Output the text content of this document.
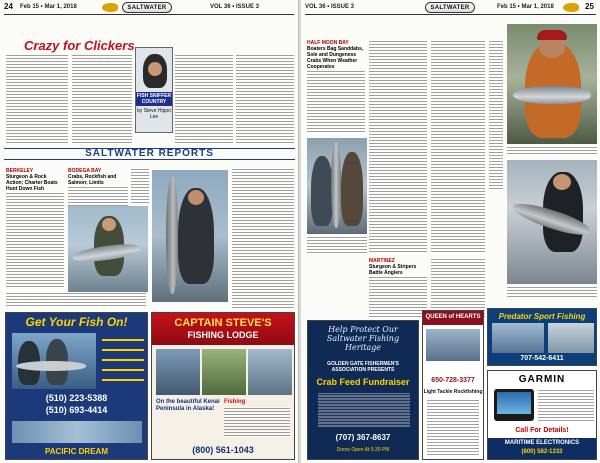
24 Feb 15 • Mar 1, 2018	SALTWATER	VOL 36 • ISSUE 3
Crazy for Clickers
FISH SNIFFER COUNTRY
by Steve Hippo Lee
SALTWATER REPORTS
BERKELEY
Sturgeon & Rock Action; Charter Boats Hunt Down Fish
BODEGA BAY
Crabs, Rockfish and Salmon; Limits
Get Your Fish On!
(510) 223-5388
(510) 693-4414
PACIFIC DREAM
CAPTAIN STEVE'S
FISHING LODGE
On the beautiful Kenai Peninsula in Alaska!
Fishing
(800) 561-1043
VOL 36 • ISSUE 3	SALTWATER	Feb 15 • Mar 1, 2018	25
HALF MOON BAY
Boaters Bag Sanddabs, Sole and Dungeness Crabs When Weather Cooperates
MARTINEZ
Sturgeon & Stripers Battle Anglers
Help Protect Our Saltwater Fishing Heritage
GOLDEN GATE FISHERMEN'S ASSOCIATION PRESENTS
Crab Feed Fundraiser
(707) 367-8637
Doors Open At 5:30 PM
QUEEN of HEARTS
650-728-3377
Light Tackle Rockfishing
Predator Sport Fishing
707-542-6411
GARMIN
Call For Details!
MARITIME ELECTRONICS
(800) 582-1333
